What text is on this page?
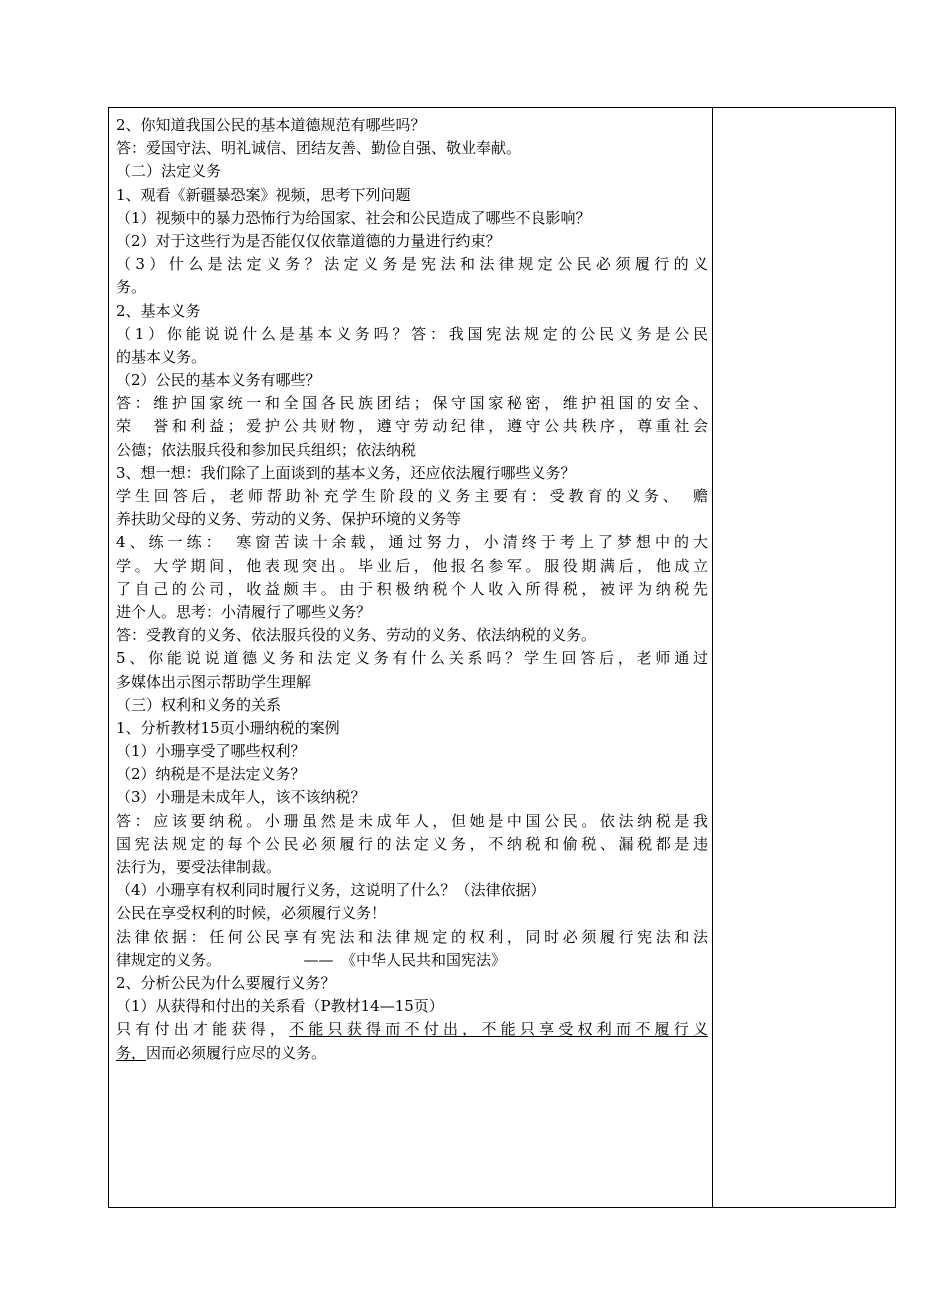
2、你知道我国公民的基本道德规范有哪些吗？
答：爱国守法、明礼诚信、团结友善、勤俭自强、敬业奉献。
（二）法定义务
1、观看《新疆暴恐案》视频，思考下列问题
（1）视频中的暴力恐怖行为给国家、社会和公民造成了哪些不良影响？
（2）对于这些行为是否能仅仅依靠道德的力量进行约束？
（3）什么是法定义务？法定义务是宪法和法律规定公民必须履行的义
务。
2、基本义务
（1）你能说说什么是基本义务吗？答：我国宪法规定的公民义务是公民
的基本义务。
（2）公民的基本义务有哪些？
答：维护国家统一和全国各民族团结；保守国家秘密，维护祖国的安全、
荣　誉和利益；爱护公共财物，遵守劳动纪律，遵守公共秩序，尊重社会
公德；依法服兵役和参加民兵组织；依法纳税
3、想一想：我们除了上面谈到的基本义务，还应依法履行哪些义务？
学生回答后，老师帮助补充学生阶段的义务主要有：受教育的义务、　赡
养扶助父母的义务、劳动的义务、保护环境的义务等
4、练一练：　寒窗苦读十余载，通过努力，小清终于考上了梦想中的大
学。大学期间，他表现突出。毕业后，他报名参军。服役期满后，他成立
了自己的公司，收益颇丰。由于积极纳税个人收入所得税，被评为纳税先
进个人。思考：小清履行了哪些义务？
答：受教育的义务、依法服兵役的义务、劳动的义务、依法纳税的义务。
5、你能说说道德义务和法定义务有什么关系吗？学生回答后，老师通过
多媒体出示图示帮助学生理解
（三）权利和义务的关系
1、分析教材15页小珊纳税的案例
（1）小珊享受了哪些权利？
（2）纳税是不是法定义务？
（3）小珊是未成年人，该不该纳税？
答：应该要纳税。小珊虽然是未成年人，但她是中国公民。依法纳税是我
国宪法规定的每个公民必须履行的法定义务，不纳税和偷税、漏税都是违
法行为，要受法律制裁。
（4）小珊享有权利同时履行义务，这说明了什么？（法律依据）
公民在享受权利的时候，必须履行义务！
法律依据：任何公民享有宪法和法律规定的权利，同时必须履行宪法和法
律规定的义务。　　　　　　——　《中华人民共和国宪法》
2、分析公民为什么要履行义务？
（1）从获得和付出的关系看（P教材14—15页）
只有付出才能获得，不能只获得而不付出，不能只享受权利而不履行义
务，因而必须履行应尽的义务。
